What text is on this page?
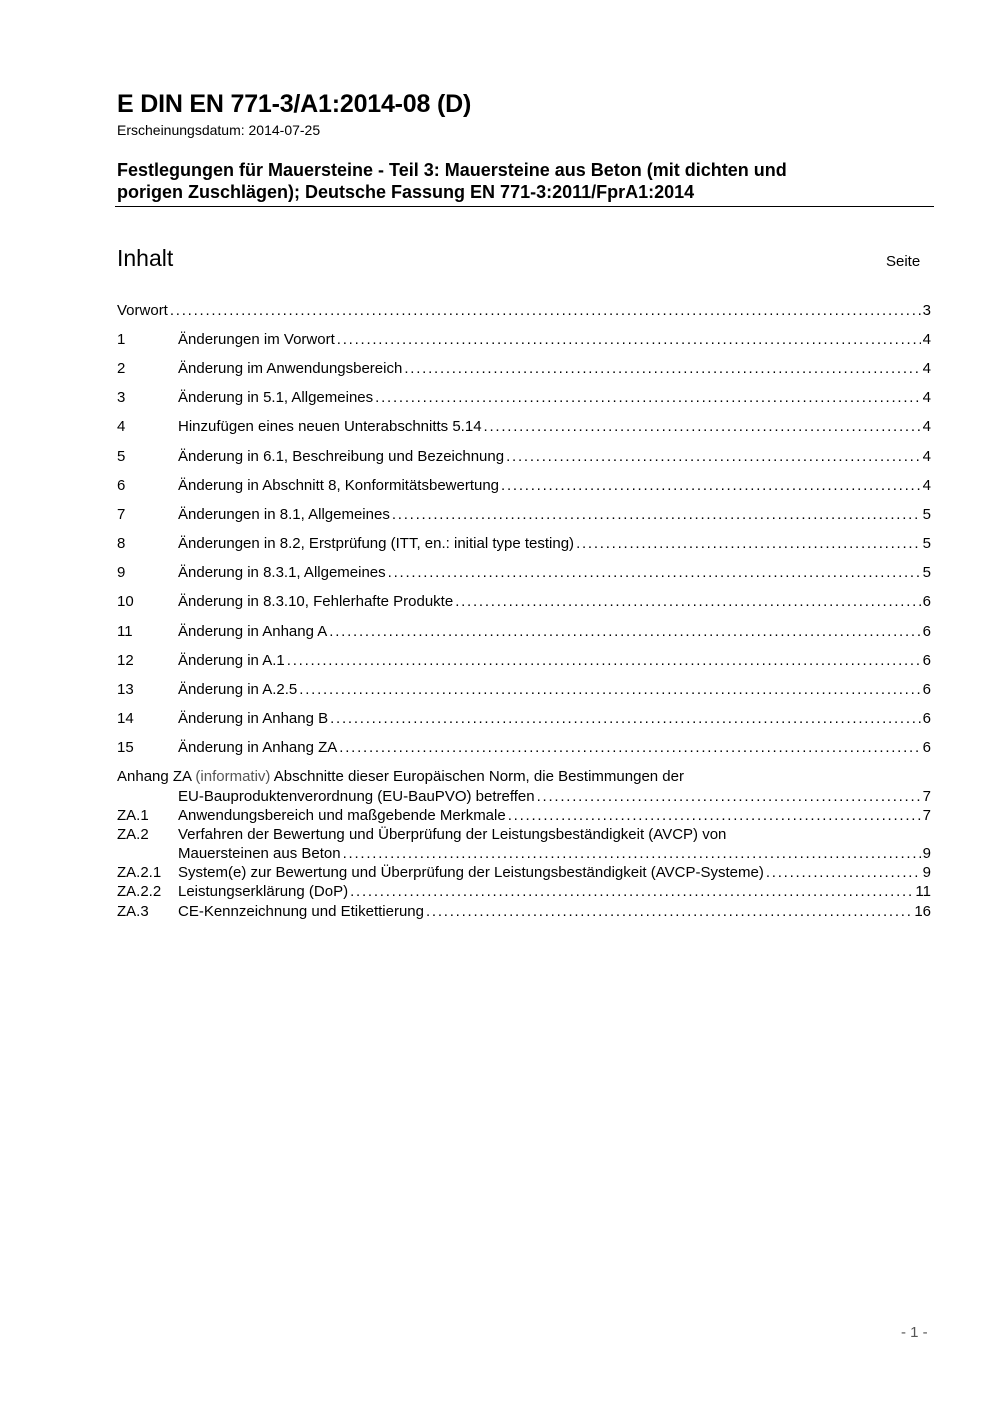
E DIN EN 771-3/A1:2014-08 (D)
Erscheinungsdatum: 2014-07-25
Festlegungen für Mauersteine - Teil 3: Mauersteine aus Beton (mit dichten und
porigen Zuschlägen); Deutsche Fassung EN 771-3:2011/FprA1:2014
Inhalt	Seite
Vorwort . . .	3
1	Änderungen im Vorwort . . .	4
2	Änderung im Anwendungsbereich . . .	4
3	Änderung in 5.1, Allgemeines . . .	4
4	Hinzufügen eines neuen Unterabschnitts 5.14 . . .	4
5	Änderung in 6.1, Beschreibung und Bezeichnung . . .	4
6	Änderung in Abschnitt 8, Konformitätsbewertung . . .	4
7	Änderungen in 8.1, Allgemeines . . .	5
8	Änderungen in 8.2, Erstprüfung (ITT, en.: initial type testing) . . .	5
9	Änderung in 8.3.1, Allgemeines . . .	5
10	Änderung in 8.3.10, Fehlerhafte Produkte . . .	6
11	Änderung in Anhang A . . .	6
12	Änderung in A.1 . . .	6
13	Änderung in A.2.5 . . .	6
14	Änderung in Anhang B . . .	6
15	Änderung in Anhang ZA . . .	6
Anhang ZA (informativ) Abschnitte dieser Europäischen Norm, die Bestimmungen der
EU-Bauproduktenverordnung (EU-BauPVO) betreffen . . .	7
ZA.1	Anwendungsbereich und maßgebende Merkmale . . .	7
ZA.2 Verfahren der Bewertung und Überprüfung der Leistungsbeständigkeit (AVCP) von
Mauersteinen aus Beton . . .	9
ZA.2.1	System(e) zur Bewertung und Überprüfung der Leistungsbeständigkeit (AVCP-Systeme) . . .	9
ZA.2.2	Leistungserklärung (DoP) . . .	11
ZA.3	CE-Kennzeichnung und Etikettierung . . .	16
- 1 -
